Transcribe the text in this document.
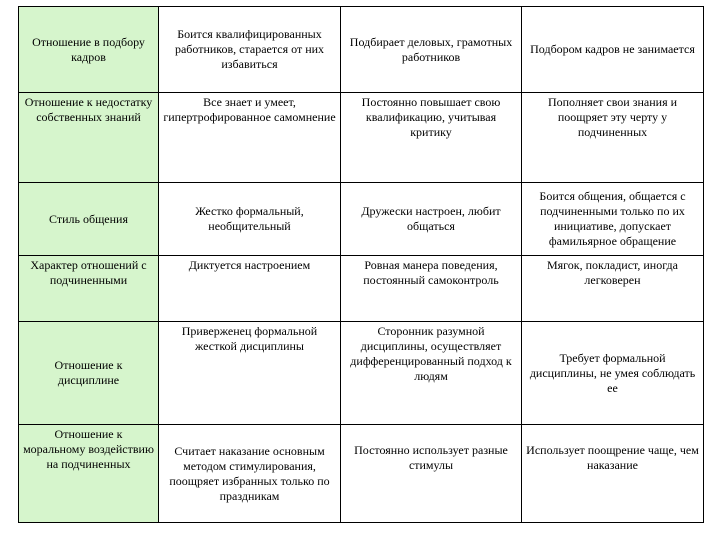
Отношение в подбору кадров	Боится квалифицированных работников, старается от них избавиться	Подбирает деловых, грамотных работников	Подбором кадров не занимается
Отношение к недостатку собственных знаний	Все знает и умеет, гипертрофированное самомнение	Постоянно повышает свою квалификацию, учитывая критику	Пополняет свои знания и поощряет эту черту у подчиненных
Стиль общения	Жестко формальный, необщительный	Дружески настроен, любит общаться	Боится общения, общается с подчиненными только по их инициативе, допускает фамильярное обращение
Характер отношений с подчиненными	Диктуется настроением	Ровная манера поведения, постоянный самоконтроль	Мягок, покладист, иногда легковерен
Отношение к дисциплине	Приверженец формальной жесткой дисциплины	Сторонник разумной дисциплины, осуществляет дифференцированный подход к людям	Требует формальной дисциплины, не умея соблюдать ее
Отношение к моральному воздействию на подчиненных	Считает наказание основным методом стимулирования, поощряет избранных только по праздникам	Постоянно использует разные стимулы	Использует поощрение чаще, чем наказание
